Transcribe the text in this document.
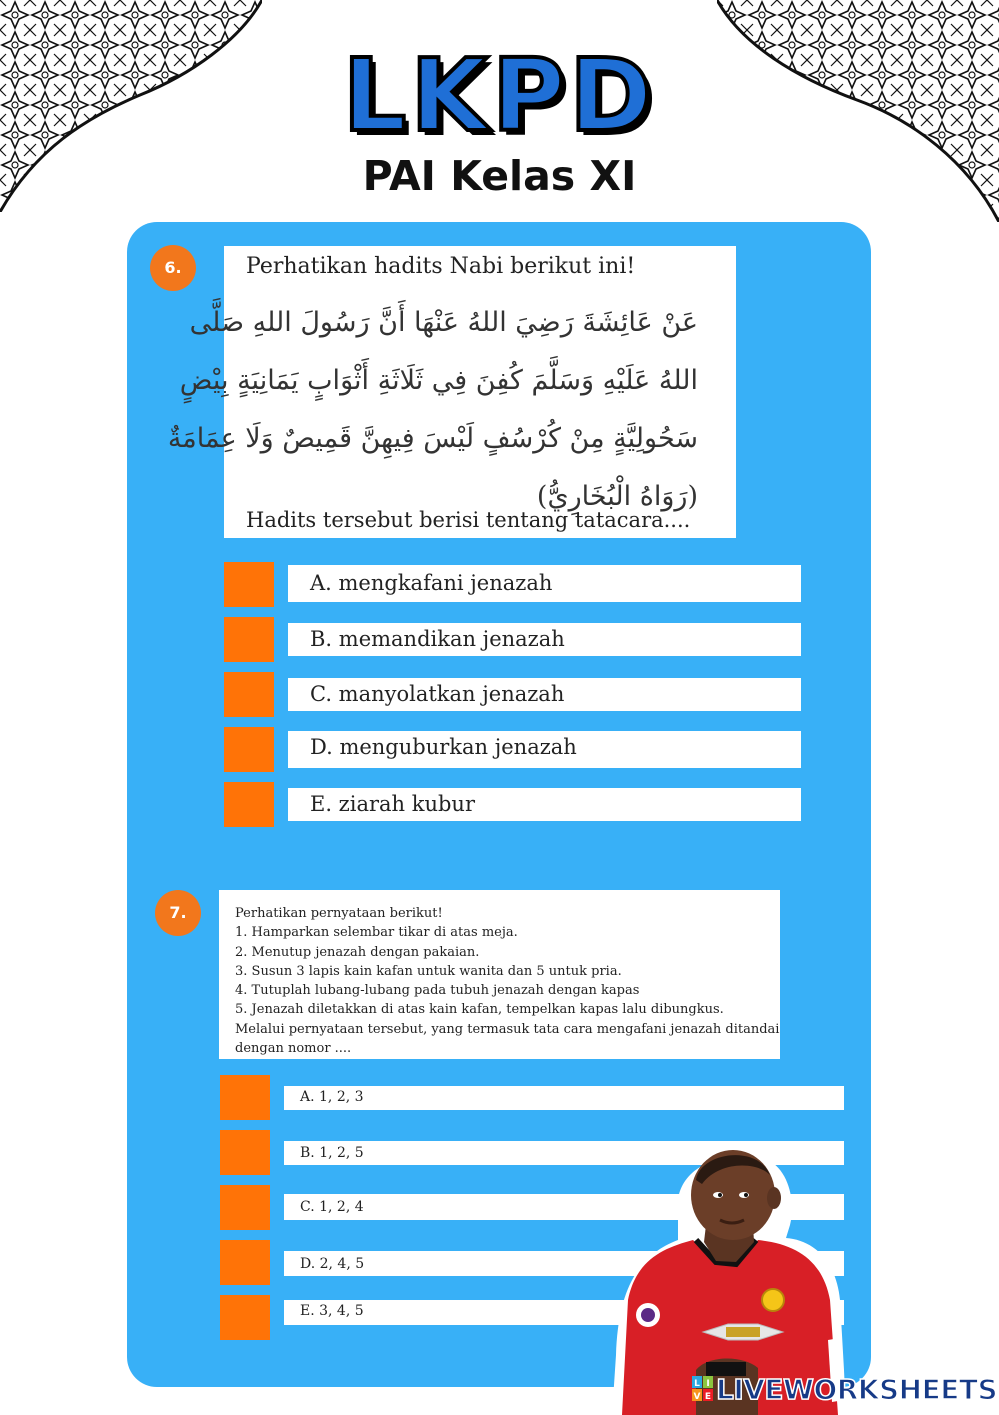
LKPD
PAI Kelas XI
6.	Perhatikan hadits Nabi berikut ini!
عَنْ عَائِشَةَ رَضِيَ اللهُ عَنْهَا أَنَّ رَسُولَ اللهِ صَلَّى
اللهُ عَلَيْهِ وَسَلَّمَ كُفِنَ فِي ثَلَاثَةِ أَثْوَابٍ يَمَانِيَةٍ بِيْضٍ
سَحُولِيَّةٍ مِنْ كُرْسُفٍ لَيْسَ فِيهِنَّ قَمِيصٌ وَلَا عِمَامَةٌ
(رَوَاهُ الْبُخَارِيُّ)
Hadits tersebut berisi tentang tatacara....
A. mengkafani jenazah
B. memandikan jenazah
C. manyolatkan jenazah
D. menguburkan jenazah
E. ziarah kubur
7.	Perhatikan pernyataan berikut!
1. Hamparkan selembar tikar di atas meja.
2. Menutup jenazah dengan pakaian.
3. Susun 3 lapis kain kafan untuk wanita dan 5 untuk pria.
4. Tutuplah lubang-lubang pada tubuh jenazah dengan kapas
5. Jenazah diletakkan di atas kain kafan, tempelkan kapas lalu dibungkus.
Melalui pernyataan tersebut, yang termasuk tata cara mengafani jenazah ditandai
dengan nomor ....
A. 1, 2, 3
B. 1, 2, 5
C. 1, 2, 4
D. 2, 4, 5
E. 3, 4, 5
L I
V E LIVEWORKSHEETS
